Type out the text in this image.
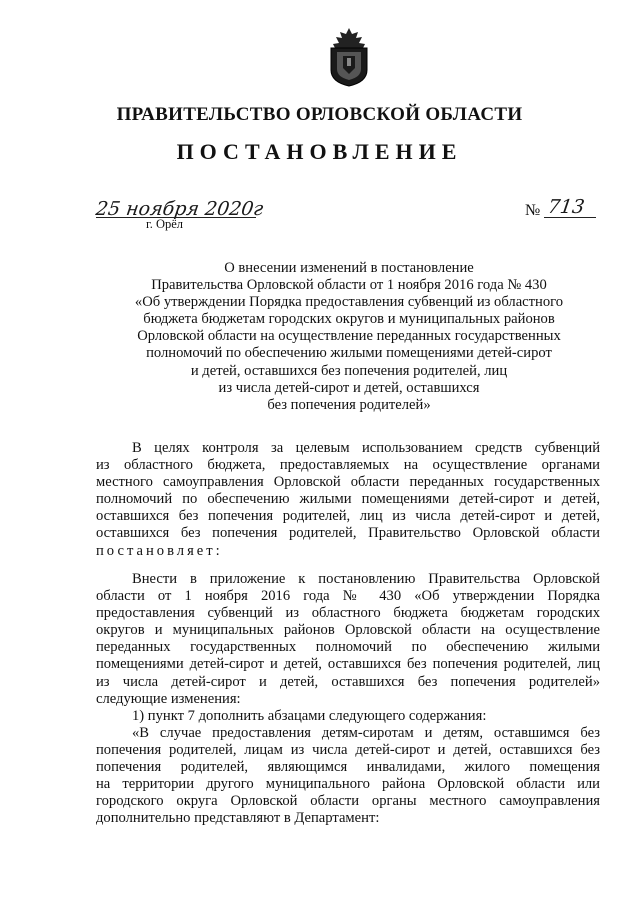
ПРАВИТЕЛЬСТВО ОРЛОВСКОЙ ОБЛАСТИ
ПОСТАНОВЛЕНИЕ
25 ноября 2020г
г. Орёл
№ 713
О внесении изменений в постановление
Правительства Орловской области от 1 ноября 2016 года № 430
«Об утверждении Порядка предоставления субвенций из областного
бюджета бюджетам городских округов и муниципальных районов
Орловской области на осуществление переданных государственных
полномочий по обеспечению жилыми помещениями детей-сирот
и детей, оставшихся без попечения родителей, лиц
из числа детей-сирот и детей, оставшихся
без попечения родителей»
В целях контроля за целевым использованием средств субвенций
из областного бюджета, предоставляемых на осуществление органами
местного самоуправления Орловской области переданных государственных
полномочий по обеспечению жилыми помещениями детей-сирот и детей,
оставшихся без попечения родителей, лиц из числа детей-сирот и детей,
оставшихся без попечения родителей, Правительство Орловской области
постановляет:
Внести в приложение к постановлению Правительства Орловской
области от 1 ноября 2016 года № 430 «Об утверждении Порядка
предоставления субвенций из областного бюджета бюджетам городских
округов и муниципальных районов Орловской области на осуществление
переданных государственных полномочий по обеспечению жилыми
помещениями детей-сирот и детей, оставшихся без попечения родителей, лиц
из числа детей-сирот и детей, оставшихся без попечения родителей»
следующие изменения:
1) пункт 7 дополнить абзацами следующего содержания:
«В случае предоставления детям-сиротам и детям, оставшимся без
попечения родителей, лицам из числа детей-сирот и детей, оставшихся без
попечения родителей, являющимся инвалидами, жилого помещения
на территории другого муниципального района Орловской области или
городского округа Орловской области органы местного самоуправления
дополнительно представляют в Департамент:
